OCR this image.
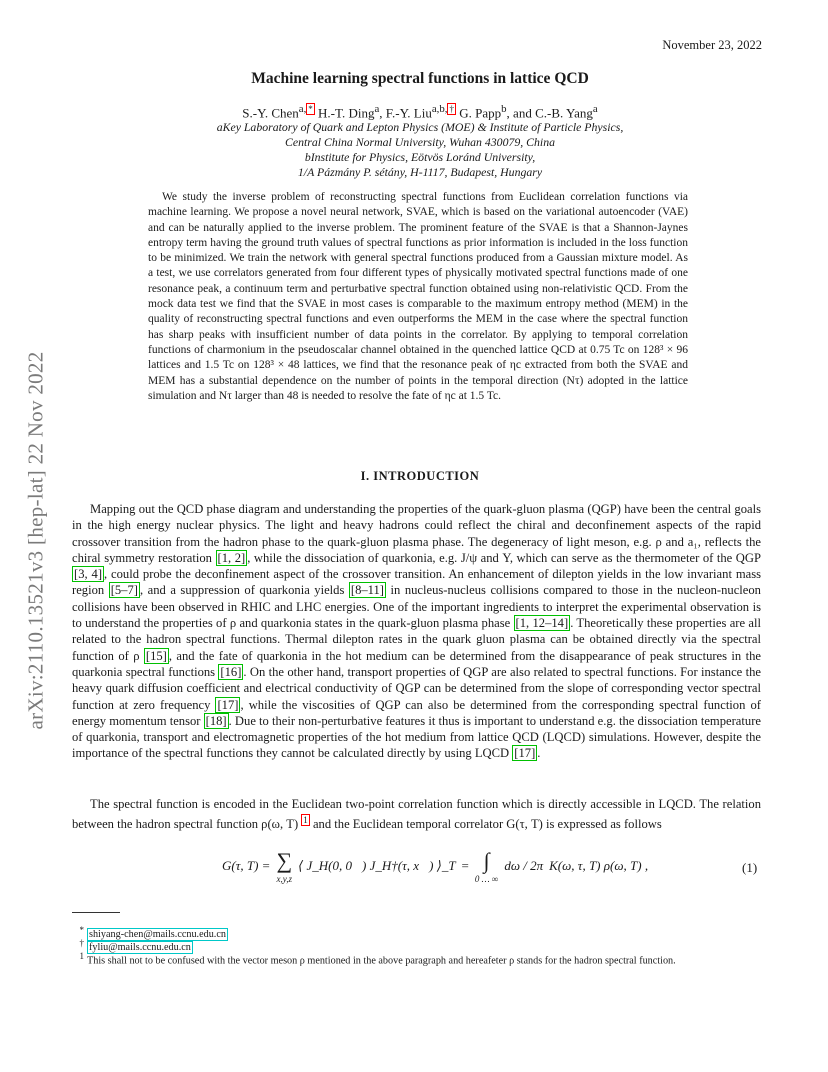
November 23, 2022
arXiv:2110.13521v3 [hep-lat] 22 Nov 2022
Machine learning spectral functions in lattice QCD
S.-Y. Chen$^{a,}$ * H.-T. Ding$^a$, F.-Y. Liu$^{a,b,}$ † G. Papp$^b$, and C.-B. Yang$^a$
aKey Laboratory of Quark and Lepton Physics (MOE) & Institute of Particle Physics,
Central China Normal University, Wuhan 430079, China
bInstitute for Physics, Eötvös Loránd University,
1/A Pázmány P. sétány, H-1117, Budapest, Hungary
We study the inverse problem of reconstructing spectral functions from Euclidean correlation functions via machine learning. We propose a novel neural network, SVAE, which is based on the variational autoencoder (VAE) and can be naturally applied to the inverse problem. The prominent feature of the SVAE is that a Shannon-Jaynes entropy term having the ground truth values of spectral functions as prior information is included in the loss function to be minimized. We train the network with general spectral functions produced from a Gaussian mixture model. As a test, we use correlators generated from four different types of physically motivated spectral functions made of one resonance peak, a continuum term and perturbative spectral function obtained using non-relativistic QCD. From the mock data test we find that the SVAE in most cases is comparable to the maximum entropy method (MEM) in the quality of reconstructing spectral functions and even outperforms the MEM in the case where the spectral function has sharp peaks with insufficient number of data points in the correlator. By applying to temporal correlation functions of charmonium in the pseudoscalar channel obtained in the quenched lattice QCD at 0.75 Tc on 128³ × 96 lattices and 1.5 Tc on 128³ × 48 lattices, we find that the resonance peak of ηc extracted from both the SVAE and MEM has a substantial dependence on the number of points in the temporal direction (Nτ) adopted in the lattice simulation and Nτ larger than 48 is needed to resolve the fate of ηc at 1.5 Tc.
I. INTRODUCTION
Mapping out the QCD phase diagram and understanding the properties of the quark-gluon plasma (QGP) have been the central goals in the high energy nuclear physics. The light and heavy hadrons could reflect the chiral and deconfinement aspects of the rapid crossover transition from the hadron phase to the quark-gluon plasma phase. The degeneracy of light meson, e.g. ρ and a₁, reflects the chiral symmetry restoration [1, 2] , while the dissociation of quarkonia, e.g. J/ψ and Υ, which can serve as the thermometer of the QGP [3, 4] , could probe the deconfinement aspect of the crossover transition. An enhancement of dilepton yields in the low invariant mass region [5–7] , and a suppression of quarkonia yields [8–11] in nucleus-nucleus collisions compared to those in the nucleon-nucleon collisions have been observed in RHIC and LHC energies. One of the important ingredients to interpret the experimental observation is to understand the properties of ρ and quarkonia states in the quark-gluon plasma phase [1, 12–14] . Theoretically these properties are all related to the hadron spectral functions. Thermal dilepton rates in the quark gluon plasma can be obtained directly via the spectral function of ρ [15] , and the fate of quarkonia in the hot medium can be determined from the disappearance of peak structures in the quarkonia spectral functions [16] . On the other hand, transport properties of QGP are also related to spectral functions. For instance the heavy quark diffusion coefficient and electrical conductivity of QGP can be determined from the slope of corresponding vector spectral function at zero frequency [17] , while the viscosities of QGP can also be determined from the corresponding spectral function of energy momentum tensor [18] . Due to their non-perturbative features it thus is important to understand e.g. the dissociation temperature of quarkonia, transport and electromagnetic properties of the hot medium from lattice QCD (LQCD) simulations. However, despite the importance of the spectral functions they cannot be calculated directly by using LQCD [17] .
The spectral function is encoded in the Euclidean two-point correlation function which is directly accessible in LQCD. The relation between the hadron spectral function ρ(ω, T) $^1$ and the Euclidean temporal correlator G(τ, T) is expressed as follows
G(τ, T) = ∑
x,y,z
⟨ J_H(0, 0⃗) J_H†(τ, x⃗) ⟩_T = ∫
0 … ∞
dω / 2π K(ω, τ, T) ρ(ω, T) ,	(1)
* shiyang-chen@mails.ccnu.edu.cn
† fyliu@mails.ccnu.edu.cn
1 This shall not to be confused with the vector meson ρ mentioned in the above paragraph and hereafeter ρ stands for the hadron spectral function.
